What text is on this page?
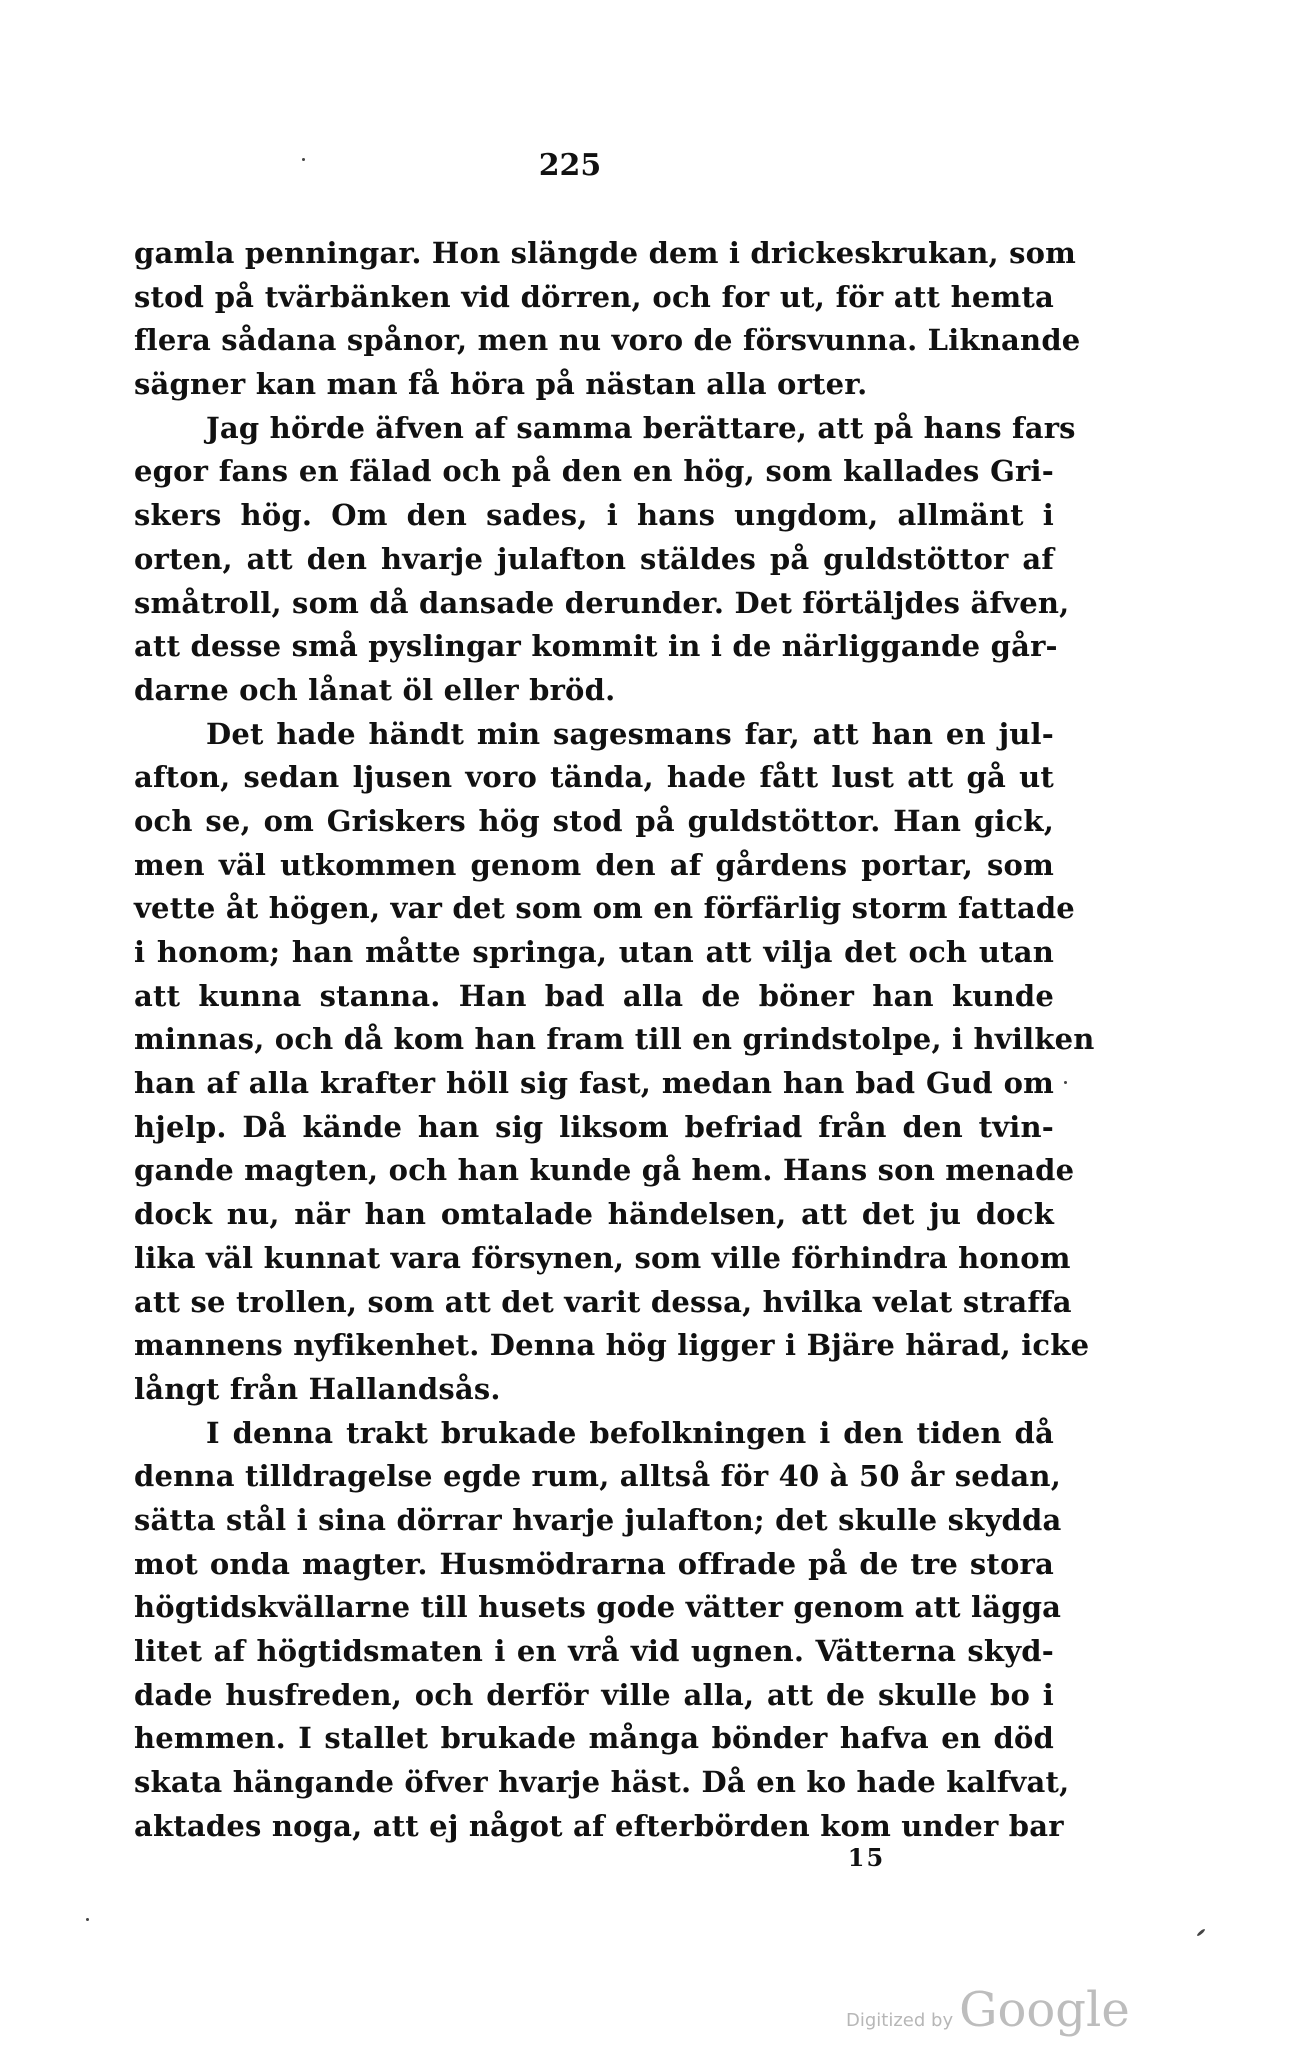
225
gamla penningar. Hon slängde dem i drickeskrukan, som
stod på tvärbänken vid dörren, och for ut, för att hemta
flera sådana spånor, men nu voro de försvunna. Liknande
sägner kan man få höra på nästan alla orter.
Jag hörde äfven af samma berättare, att på hans fars
egor fans en fälad och på den en hög, som kallades Gri-
skers hög. Om den sades, i hans ungdom, allmänt i
orten, att den hvarje julafton stäldes på guldstöttor af
småtroll, som då dansade derunder. Det förtäljdes äfven,
att desse små pyslingar kommit in i de närliggande går-
darne och lånat öl eller bröd.
Det hade händt min sagesmans far, att han en jul-
afton, sedan ljusen voro tända, hade fått lust att gå ut
och se, om Griskers hög stod på guldstöttor. Han gick,
men väl utkommen genom den af gårdens portar, som
vette åt högen, var det som om en förfärlig storm fattade
i honom; han måtte springa, utan att vilja det och utan
att kunna stanna. Han bad alla de böner han kunde
minnas, och då kom han fram till en grindstolpe, i hvilken
han af alla krafter höll sig fast, medan han bad Gud om
hjelp. Då kände han sig liksom befriad från den tvin-
gande magten, och han kunde gå hem. Hans son menade
dock nu, när han omtalade händelsen, att det ju dock
lika väl kunnat vara försynen, som ville förhindra honom
att se trollen, som att det varit dessa, hvilka velat straffa
mannens nyfikenhet. Denna hög ligger i Bjäre härad, icke
långt från Hallandsås.
I denna trakt brukade befolkningen i den tiden då
denna tilldragelse egde rum, alltså för 40 à 50 år sedan,
sätta stål i sina dörrar hvarje julafton; det skulle skydda
mot onda magter. Husmödrarna offrade på de tre stora
högtidskvällarne till husets gode vätter genom att lägga
litet af högtidsmaten i en vrå vid ugnen. Vätterna skyd-
dade husfreden, och derför ville alla, att de skulle bo i
hemmen. I stallet brukade många bönder hafva en död
skata hängande öfver hvarje häst. Då en ko hade kalfvat,
aktades noga, att ej något af efterbörden kom under bar
15
Digitized by Google
